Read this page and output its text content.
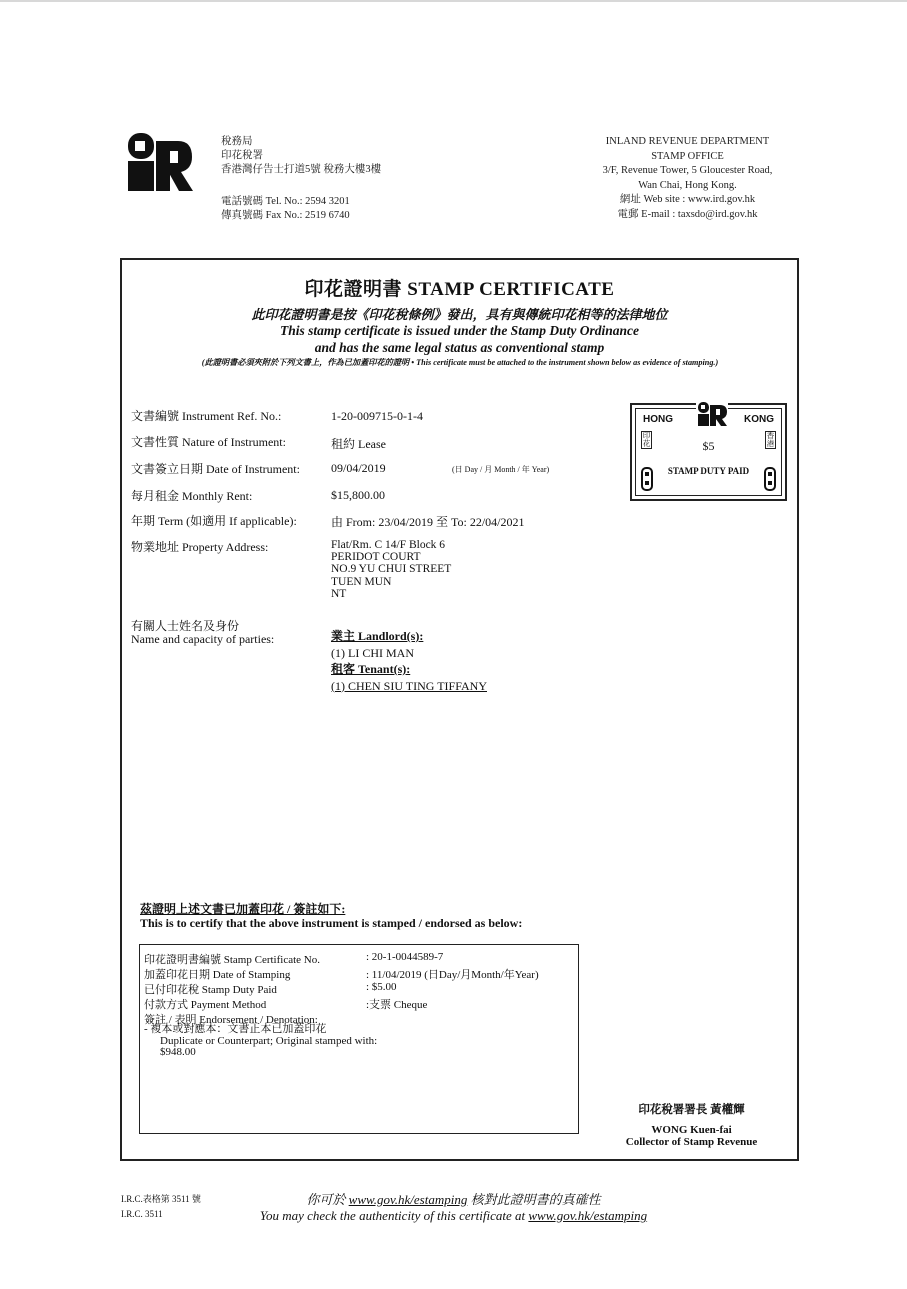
稅務局
印花稅署
香港灣仔告士打道5號 稅務大樓3樓
電話號碼 Tel. No.: 2594 3201
傳真號碼 Fax No.: 2519 6740
INLAND REVENUE DEPARTMENT
STAMP OFFICE
3/F, Revenue Tower, 5 Gloucester Road,
Wan Chai, Hong Kong.
網址 Web site : www.ird.gov.hk
電郵 E-mail : taxsdo@ird.gov.hk
印花證明書 STAMP CERTIFICATE
此印花證明書是按《印花稅條例》發出，具有與傳統印花相等的法律地位
This stamp certificate is issued under the Stamp Duty Ordinance
and has the same legal status as conventional stamp
(此證明書必須夾附於下列文書上，作為已加蓋印花的證明 • This certificate must be attached to the instrument shown below as evidence of stamping.)
文書編號 Instrument Ref. No.:	1-20-009715-0-1-4
文書性質 Nature of Instrument:	租約 Lease
文書簽立日期 Date of Instrument:	09/04/2019	(日 Day / 月 Month / 年 Year)
每月租金 Monthly Rent:	$15,800.00
年期 Term (如適用 If applicable):	由 From: 23/04/2019 至 To: 22/04/2021
物業地址 Property Address:	Flat/Rm. C 14/F Block 6
PERIDOT COURT
NO.9 YU CHUI STREET
TUEN MUN
NT
有關人士姓名及身份
Name and capacity of parties:	業主 Landlord(s):
(1) LI CHI MAN
租客 Tenant(s):
(1) CHEN SIU TING TIFFANY
HONG	KONG
$5
STAMP DUTY PAID
印花
香港
茲證明上述文書已加蓋印花 / 簽註如下:
This is to certify that the above instrument is stamped / endorsed as below:
印花證明書編號 Stamp Certificate No.	: 20-1-0044589-7
加蓋印花日期 Date of Stamping	: 11/04/2019 (日Day/月Month/年Year)
已付印花稅 Stamp Duty Paid	: $5.00
付款方式 Payment Method	:支票 Cheque
簽註 / 表明 Endorsement / Denotation:
- 複本或對應本：文書正本已加蓋印花
Duplicate or Counterpart; Original stamped with:
$948.00
印花稅署署長 黃權輝
WONG Kuen-fai
Collector of Stamp Revenue
I.R.C.表格第 3511 號
I.R.C. 3511
你可於 www.gov.hk/estamping 核對此證明書的真確性
You may check the authenticity of this certificate at www.gov.hk/estamping
